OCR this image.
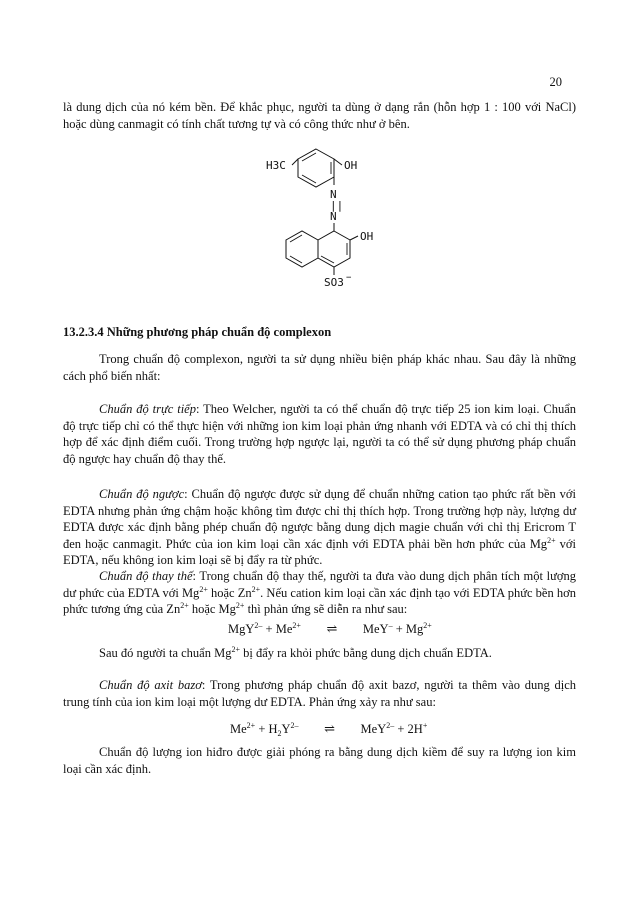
20
là dung dịch của nó kém bền. Để khắc phục, người ta dùng ở dạng rắn (hỗn hợp 1 : 100 với NaCl) hoặc dùng canmagit có tính chất tương tự và có công thức như ở bên.
H3C	OH
N
||
N
OH
SO3 −
13.2.3.4 Những phương pháp chuẩn độ complexon

Trong chuẩn độ complexon, người ta sử dụng nhiều biện pháp khác nhau. Sau đây là những cách phổ biến nhất:

Chuẩn độ trực tiếp: Theo Welcher, người ta có thể chuẩn độ trực tiếp 25 ion kim loại. Chuẩn độ trực tiếp chỉ có thể thực hiện với những ion kim loại phản ứng nhanh với EDTA và có chỉ thị thích hợp để xác định điểm cuối. Trong trường hợp ngược lại, người ta có thể sử dụng phương pháp chuẩn độ ngược hay chuẩn độ thay thế.

Chuẩn độ ngược: Chuẩn độ ngược được sử dụng để chuẩn những cation tạo phức rất bền với EDTA nhưng phản ứng chậm hoặc không tìm được chỉ thị thích hợp. Trong trường hợp này, lượng dư EDTA được xác định bằng phép chuẩn độ ngược bằng dung dịch magie chuẩn với chỉ thị Ericrom T đen hoặc canmagit. Phức của ion kim loại cần xác định với EDTA phải bền hơn phức của $Mg^{2+}$ với EDTA, nếu không ion kim loại sẽ bị đẩy ra từ phức.

Chuẩn độ thay thế: Trong chuẩn độ thay thế, người ta đưa vào dung dịch phân tích một lượng dư phức của EDTA với $Mg^{2+}$ hoặc $Zn^{2+}$. Nếu cation kim loại cần xác định tạo với EDTA phức bền hơn phức tương ứng của $Zn^{2+}$ hoặc $Mg^{2+}$ thì phản ứng sẽ diễn ra như sau:

$MgY^{2-} + Me^{2+}$ ⇌ $MeY^- + Mg^{2+}$
Sau đó người ta chuẩn $Mg^{2+}$ bị đẩy ra khỏi phức bằng dung dịch chuẩn EDTA.

Chuẩn độ axit bazơ: Trong phương pháp chuẩn độ axit bazơ, người ta thêm vào dung dịch trung tính của ion kim loại một lượng dư EDTA. Phản ứng xảy ra như sau:

$Me^{2+} + H_2Y^{2-}$ ⇌ MeY$^{2-}$ + 2H+

Chuẩn độ lượng ion hiđro được giải phóng ra bằng dung dịch kiềm để suy ra lượng ion kim loại cần xác định.
